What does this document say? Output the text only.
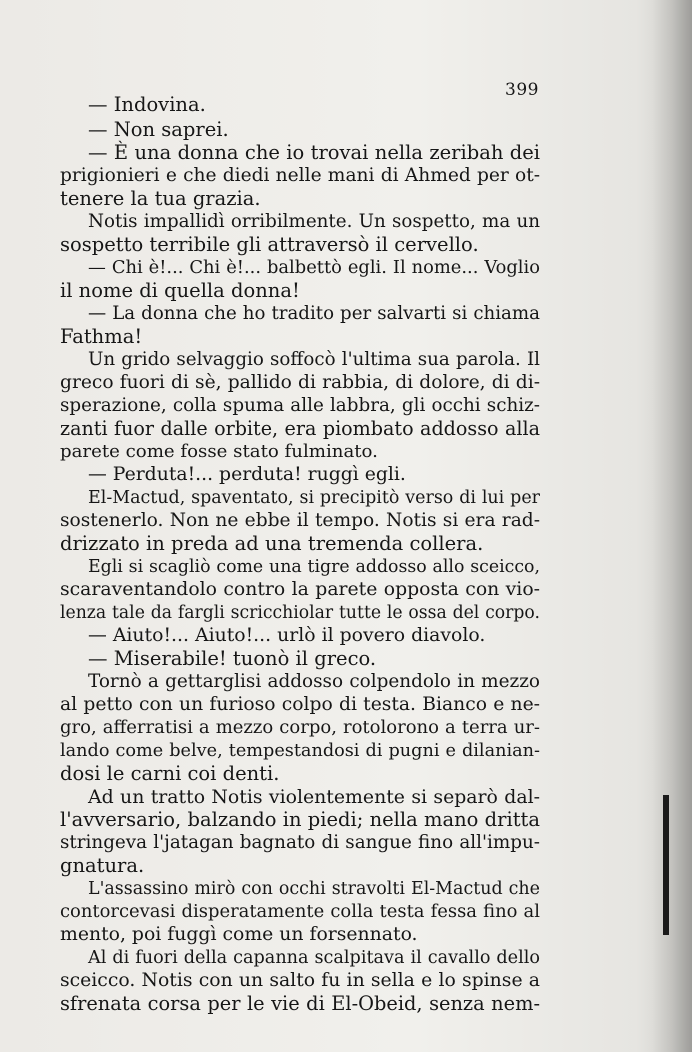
399
— Indovina.
— Non saprei.
— È una donna che io trovai nella zeribah dei
prigionieri e che diedi nelle mani di Ahmed per ot-
tenere la tua grazia.
Notis impallidì orribilmente. Un sospetto, ma un
sospetto terribile gli attraversò il cervello.
— Chi è!... Chi è!... balbettò egli. Il nome... Voglio
il nome di quella donna!
— La donna che ho tradito per salvarti si chiama
Fathma!
Un grido selvaggio soffocò l'ultima sua parola. Il
greco fuori di sè, pallido di rabbia, di dolore, di di-
sperazione, colla spuma alle labbra, gli occhi schiz-
zanti fuor dalle orbite, era piombato addosso alla
parete come fosse stato fulminato.
— Perduta!... perduta! ruggì egli.
El-Mactud, spaventato, si precipitò verso di lui per
sostenerlo. Non ne ebbe il tempo. Notis si era rad-
drizzato in preda ad una tremenda collera.
Egli si scagliò come una tigre addosso allo sceicco,
scaraventandolo contro la parete opposta con vio-
lenza tale da fargli scricchiolar tutte le ossa del corpo.
— Aiuto!... Aiuto!... urlò il povero diavolo.
— Miserabile! tuonò il greco.
Tornò a gettarglisi addosso colpendolo in mezzo
al petto con un furioso colpo di testa. Bianco e ne-
gro, afferratisi a mezzo corpo, rotolorono a terra ur-
lando come belve, tempestandosi di pugni e dilanian-
dosi le carni coi denti.
Ad un tratto Notis violentemente si separò dal-
l'avversario, balzando in piedi; nella mano dritta
stringeva l'jatagan bagnato di sangue fino all'impu-
gnatura.
L'assassino mirò con occhi stravolti El-Mactud che
contorcevasi disperatamente colla testa fessa fino al
mento, poi fuggì come un forsennato.
Al di fuori della capanna scalpitava il cavallo dello
sceicco. Notis con un salto fu in sella e lo spinse a
sfrenata corsa per le vie di El-Obeid, senza nem-
